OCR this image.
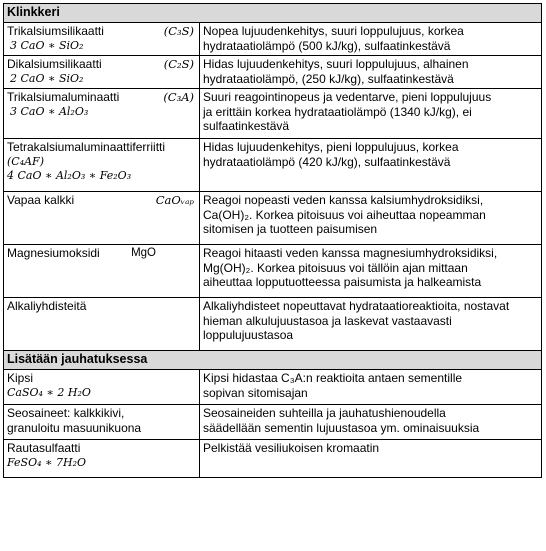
Klinkkeri	

Trikalsiumsilikaatti (C₃S)
3 CaO ∗ SiO₂	Nopea lujuudenkehitys, suuri loppulujuus, korkea
hydrataatiolämpö (500 kJ/kg), sulfaatinkestävä

Dikalsiumsilikaatti (C₂S)
2 CaO ∗ SiO₂	Hidas lujuudenkehitys, suuri loppulujuus, alhainen
hydrataatiolämpö, (250 kJ/kg), sulfaatinkestävä

Trikalsiumaluminaatti (C₃A)
3 CaO ∗ Al₂O₃	Suuri reagointinopeus ja vedentarve, pieni loppulujuus
ja erittäin korkea hydrataatiolämpö (1340 kJ/kg), ei
sulfaatinkestävä

Tetrakalsiumaluminaattiferriitti
(C₄AF)
4 CaO ∗ Al₂O₃ ∗ Fe₂O₃	Hidas lujuudenkehitys, pieni loppulujuus, korkea
hydrataatiolämpö (420 kJ/kg), sulfaatinkestävä

Vapaa kalkki CaOᵥₐₚ	Reagoi nopeasti veden kanssa kalsiumhydroksidiksi,
Ca(OH)₂. Korkea pitoisuus voi aiheuttaa nopeamman
sitomisen ja tuotteen paisumisen

Magnesiumoksidi MgO	Reagoi hitaasti veden kanssa magnesiumhydroksidiksi,
Mg(OH)₂. Korkea pitoisuus voi tällöin ajan mittaan
aiheuttaa lopputuotteessa paisumista ja halkeamista

Alkaliyhdisteitä	Alkaliyhdisteet nopeuttavat hydrataatioreaktioita, nostavat
hieman alkulujuustasoa ja laskevat vastaavasti
loppulujuustasoa

Lisätään jauhatuksessa	

Kipsi
CaSO₄ ∗ 2 H₂O	Kipsi hidastaa C₃A:n reaktioita antaen sementille
sopivan sitomisajan

Seosaineet: kalkkikivi,
granuloitu masuunikuona	Seosaineiden suhteilla ja jauhatushienoudella
säädellään sementin lujuustasoa ym. ominaisuuksia

Rautasulfaatti
FeSO₄ ∗ 7H₂O	Pelkistää vesiliukoisen kromaatin
